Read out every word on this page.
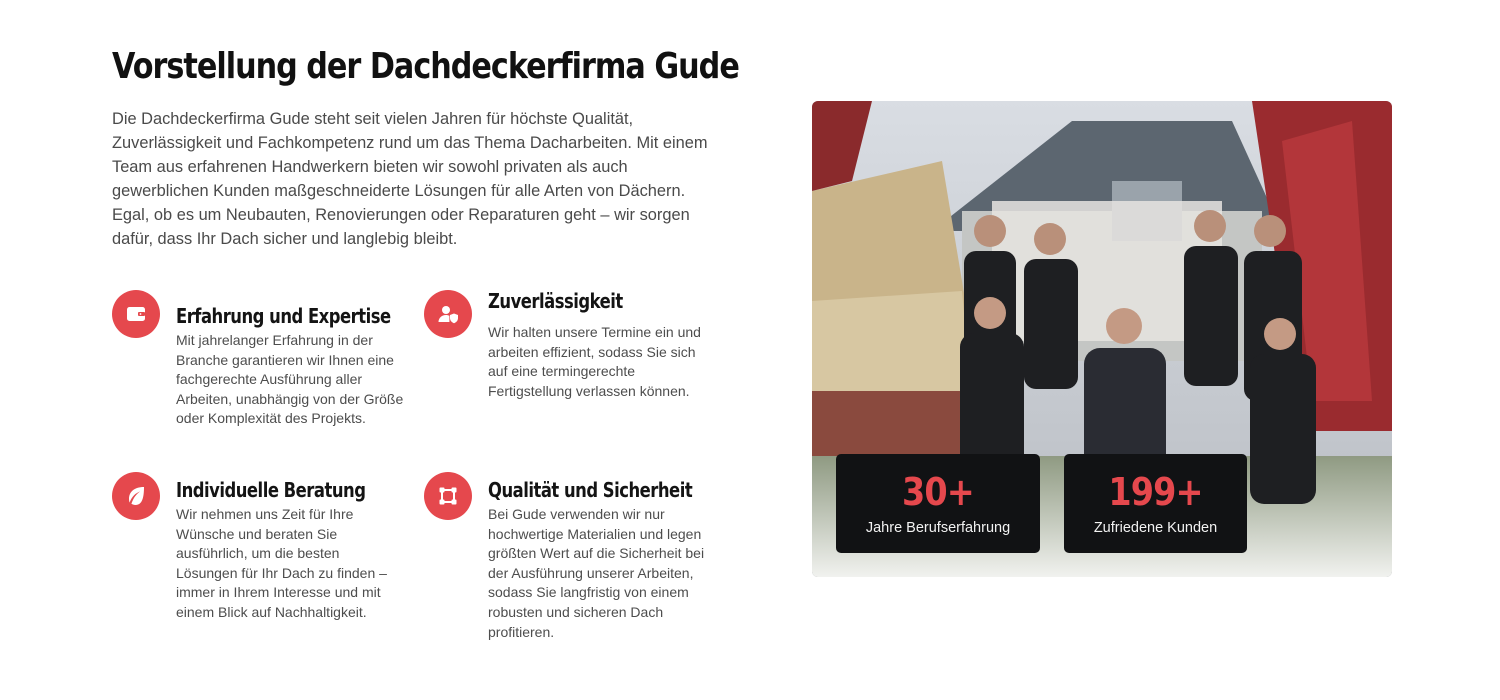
Vorstellung der Dachdeckerfirma Gude

Die Dachdeckerfirma Gude steht seit vielen Jahren für höchste Qualität, Zuverlässigkeit und Fachkompetenz rund um das Thema Dacharbeiten. Mit einem Team aus erfahrenen Handwerkern bieten wir sowohl privaten als auch gewerblichen Kunden maßgeschneiderte Lösungen für alle Arten von Dächern. Egal, ob es um Neubauten, Renovierungen oder Reparaturen geht – wir sorgen dafür, dass Ihr Dach sicher und langlebig bleibt.

Erfahrung und Expertise

Mit jahrelanger Erfahrung in der Branche garantieren wir Ihnen eine fachgerechte Ausführung aller Arbeiten, unabhängig von der Größe oder Komplexität des Projekts.

Zuverlässigkeit

Wir halten unsere Termine ein und arbeiten effizient, sodass Sie sich auf eine termingerechte Fertigstellung verlassen können.

Individuelle Beratung

Wir nehmen uns Zeit für Ihre Wünsche und beraten Sie ausführlich, um die besten Lösungen für Ihr Dach zu finden – immer in Ihrem Interesse und mit einem Blick auf Nachhaltigkeit.

Qualität und Sicherheit

Bei Gude verwenden wir nur hochwertige Materialien und legen größten Wert auf die Sicherheit bei der Ausführung unserer Arbeiten, sodass Sie langfristig von einem robusten und sicheren Dach profitieren.

30+
Jahre Berufserfahrung
199+
Zufriedene Kunden
